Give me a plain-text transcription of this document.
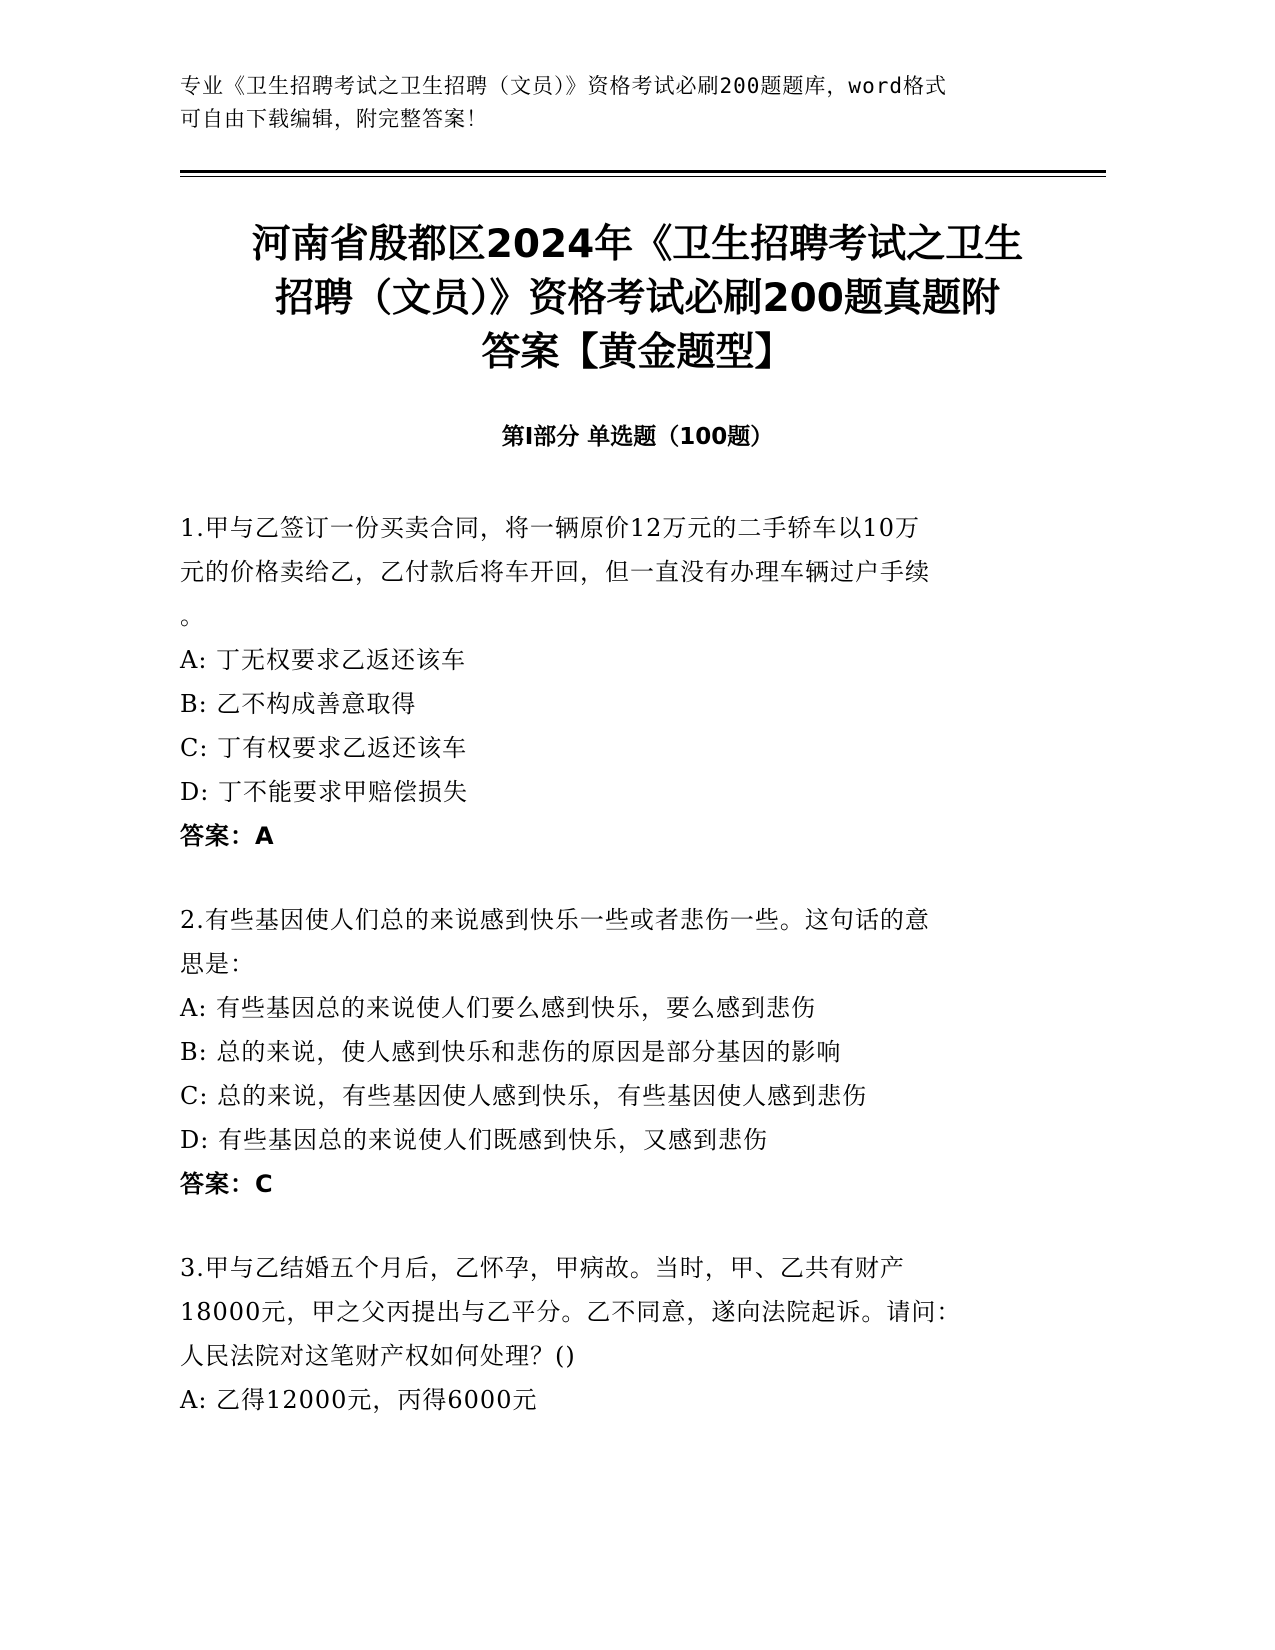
专业《卫生招聘考试之卫生招聘（文员）》资格考试必刷200题题库，word格式
可自由下载编辑，附完整答案！
河南省殷都区2024年《卫生招聘考试之卫生
招聘（文员）》资格考试必刷200题真题附
答案【黄金题型】
第Ⅰ部分 单选题（100题）
1.甲与乙签订一份买卖合同，将一辆原价12万元的二手轿车以10万
元的价格卖给乙，乙付款后将车开回，但一直没有办理车辆过户手续
。
A: 丁无权要求乙返还该车
B: 乙不构成善意取得
C: 丁有权要求乙返还该车
D: 丁不能要求甲赔偿损失
答案：A
2.有些基因使人们总的来说感到快乐一些或者悲伤一些。这句话的意
思是：
A: 有些基因总的来说使人们要么感到快乐，要么感到悲伤
B: 总的来说，使人感到快乐和悲伤的原因是部分基因的影响
C: 总的来说，有些基因使人感到快乐，有些基因使人感到悲伤
D: 有些基因总的来说使人们既感到快乐，又感到悲伤
答案：C
3.甲与乙结婚五个月后，乙怀孕，甲病故。当时，甲、乙共有财产
18000元，甲之父丙提出与乙平分。乙不同意，遂向法院起诉。请问：
人民法院对这笔财产权如何处理？()
A: 乙得12000元，丙得6000元
